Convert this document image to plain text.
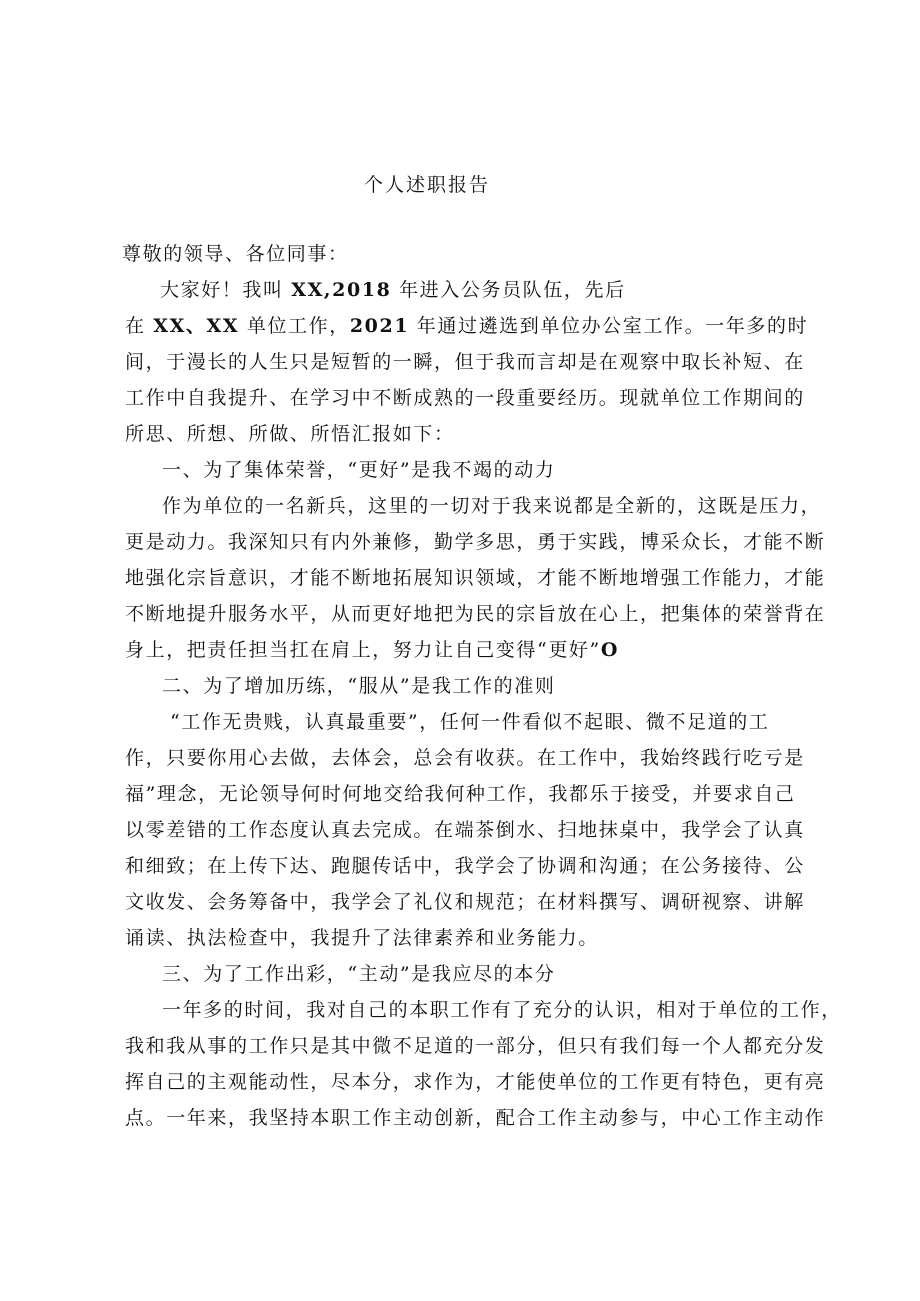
个人述职报告
尊敬的领导、各位同事：
大家好！我叫 XX,2018 年进入公务员队伍，先后
在 XX、XX 单位工作，2021 年通过遴选到单位办公室工作。一年多的时
间，于漫长的人生只是短暂的一瞬，但于我而言却是在观察中取长补短、在
工作中自我提升、在学习中不断成熟的一段重要经历。现就单位工作期间的
所思、所想、所做、所悟汇报如下：
一、为了集体荣誉，“更好”是我不竭的动力
作为单位的一名新兵，这里的一切对于我来说都是全新的，这既是压力，
更是动力。我深知只有内外兼修，勤学多思，勇于实践，博采众长，才能不断
地强化宗旨意识，才能不断地拓展知识领域，才能不断地增强工作能力，才能
不断地提升服务水平，从而更好地把为民的宗旨放在心上，把集体的荣誉背在
身上，把责任担当扛在肩上，努力让自己变得“更好”O
二、为了增加历练，“服从”是我工作的准则
“工作无贵贱，认真最重要”，任何一件看似不起眼、微不足道的工
作，只要你用心去做，去体会，总会有收获。在工作中，我始终践行吃亏是
福”理念，无论领导何时何地交给我何种工作，我都乐于接受，并要求自己
以零差错的工作态度认真去完成。在端茶倒水、扫地抹桌中，我学会了认真
和细致；在上传下达、跑腿传话中，我学会了协调和沟通；在公务接待、公
文收发、会务筹备中，我学会了礼仪和规范；在材料撰写、调研视察、讲解
诵读、执法检查中，我提升了法律素养和业务能力。
三、为了工作出彩，“主动”是我应尽的本分
一年多的时间，我对自己的本职工作有了充分的认识，相对于单位的工作，
我和我从事的工作只是其中微不足道的一部分，但只有我们每一个人都充分发
挥自己的主观能动性，尽本分，求作为，才能使单位的工作更有特色，更有亮
点。一年来，我坚持本职工作主动创新，配合工作主动参与，中心工作主动作
